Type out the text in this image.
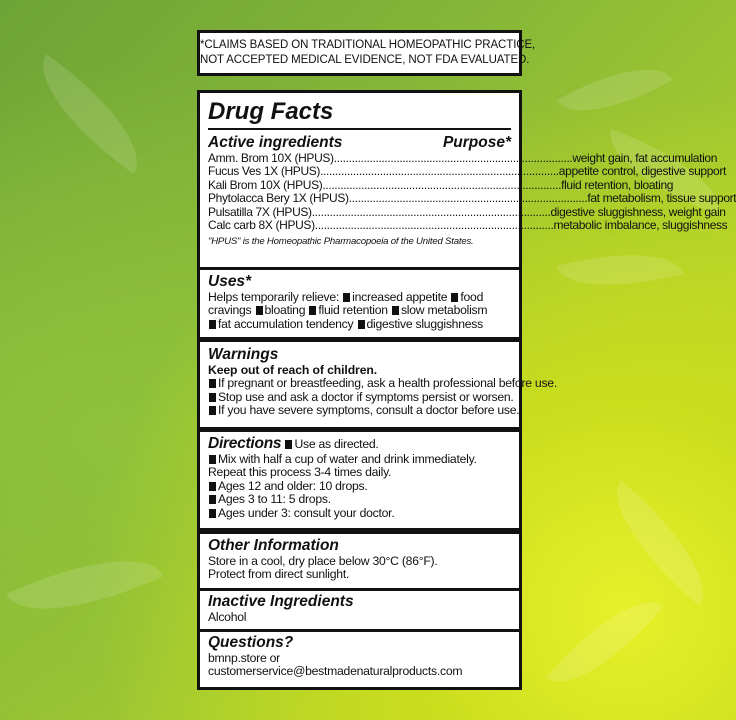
*CLAIMS BASED ON TRADITIONAL HOMEOPATHIC PRACTICE,
NOT ACCEPTED MEDICAL EVIDENCE, NOT FDA EVALUATED.
Drug Facts
Active ingredients	Purpose*
Amm. Brom 10X (HPUS) .....	weight gain, fat accumulation
Fucus Ves 1X (HPUS) .....	appetite control, digestive support
Kali Brom 10X (HPUS) .....	fluid retention, bloating
Phytolacca Bery 1X (HPUS) .....	fat metabolism, tissue support
Pulsatilla 7X (HPUS) .....	digestive sluggishness, weight gain
Calc carb 8X (HPUS) .....	metabolic imbalance, sluggishness
"HPUS" is the Homeopathic Pharmacopoeia of the United States.
Uses*
Helps temporarily relieve: increased appetite food
cravings bloating fluid retention slow metabolism
fat accumulation tendency digestive sluggishness
Warnings
Keep out of reach of children.
If pregnant or breastfeeding, ask a health professional before use.
Stop use and ask a doctor if symptoms persist or worsen.
If you have severe symptoms, consult a doctor before use.
Directions Use as directed.
Mix with half a cup of water and drink immediately.
Repeat this process 3-4 times daily.
Ages 12 and older: 10 drops.
Ages 3 to 11: 5 drops.
Ages under 3: consult your doctor.
Other Information
Store in a cool, dry place below 30°C (86°F).
Protect from direct sunlight.
Inactive Ingredients
Alcohol
Questions?
bmnp.store or
customerservice@bestmadenaturalproducts.com
